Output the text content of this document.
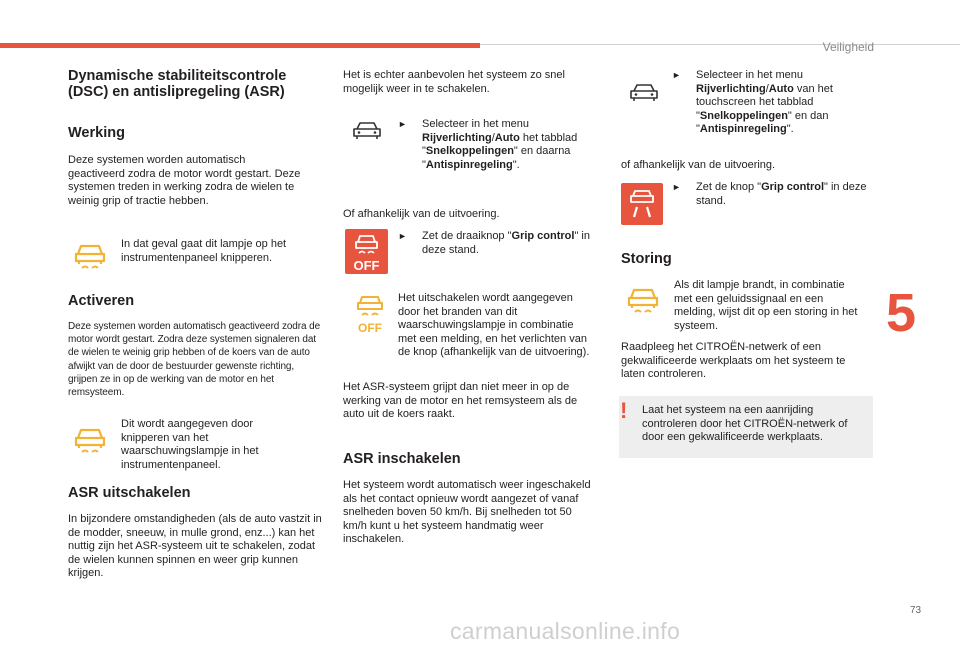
Veiligheid
5
Dynamische stabiliteitscontrole (DSC) en antislipregeling (ASR)
Werking

Deze systemen worden automatisch geactiveerd zodra de motor wordt gestart. Deze systemen treden in werking zodra de wielen te weinig grip of tractie hebben.

In dat geval gaat dit lampje op het instrumentenpaneel knipperen.

Activeren

Deze systemen worden automatisch geactiveerd zodra de motor wordt gestart. Zodra deze systemen signaleren dat de wielen te weinig grip hebben of de koers van de auto afwijkt van de door de bestuurder gewenste richting, grijpen ze in op de werking van de motor en het remsysteem.

Dit wordt aangegeven door knipperen van het waarschuwingslampje in het instrumentenpaneel.

ASR uitschakelen

In bijzondere omstandigheden (als de auto vastzit in de modder, sneeuw, in mulle grond, enz...) kan het nuttig zijn het ASR-systeem uit te schakelen, zodat de wielen kunnen spinnen en weer grip kunnen krijgen.

Het is echter aanbevolen het systeem zo snel mogelijk weer in te schakelen.

►	Selecteer in het menu Rijverlichting/Auto het tabblad "Snelkoppelingen" en daarna "Antispinregeling".

Of afhankelijk van de uitvoering.

OFF
►	Zet de draaiknop "Grip control" in deze stand.
OFF

Het uitschakelen wordt aangegeven door het branden van dit waarschuwingslampje in combinatie met een melding, en het verlichten van de knop (afhankelijk van de uitvoering).

Het ASR-systeem grijpt dan niet meer in op de werking van de motor en het remsysteem als de auto uit de koers raakt.

ASR inschakelen

Het systeem wordt automatisch weer ingeschakeld als het contact opnieuw wordt aangezet of vanaf snelheden boven 50 km/h. Bij snelheden tot 50 km/h kunt u het systeem handmatig weer inschakelen.

►	Selecteer in het menu Rijverlichting/Auto van het touchscreen het tabblad "Snelkoppelingen" en dan "Antispinregeling".

of afhankelijk van de uitvoering.

►	Zet de knop "Grip control" in deze stand.
Storing

Als dit lampje brandt, in combinatie met een geluidssignaal en een melding, wijst dit op een storing in het systeem.

Raadpleeg het CITROËN-netwerk of een gekwalificeerde werkplaats om het systeem te laten controleren.

! Laat het systeem na een aanrijding controleren door het CITROËN-netwerk of door een gekwalificeerde werkplaats.

73
carmanualsonline.info
